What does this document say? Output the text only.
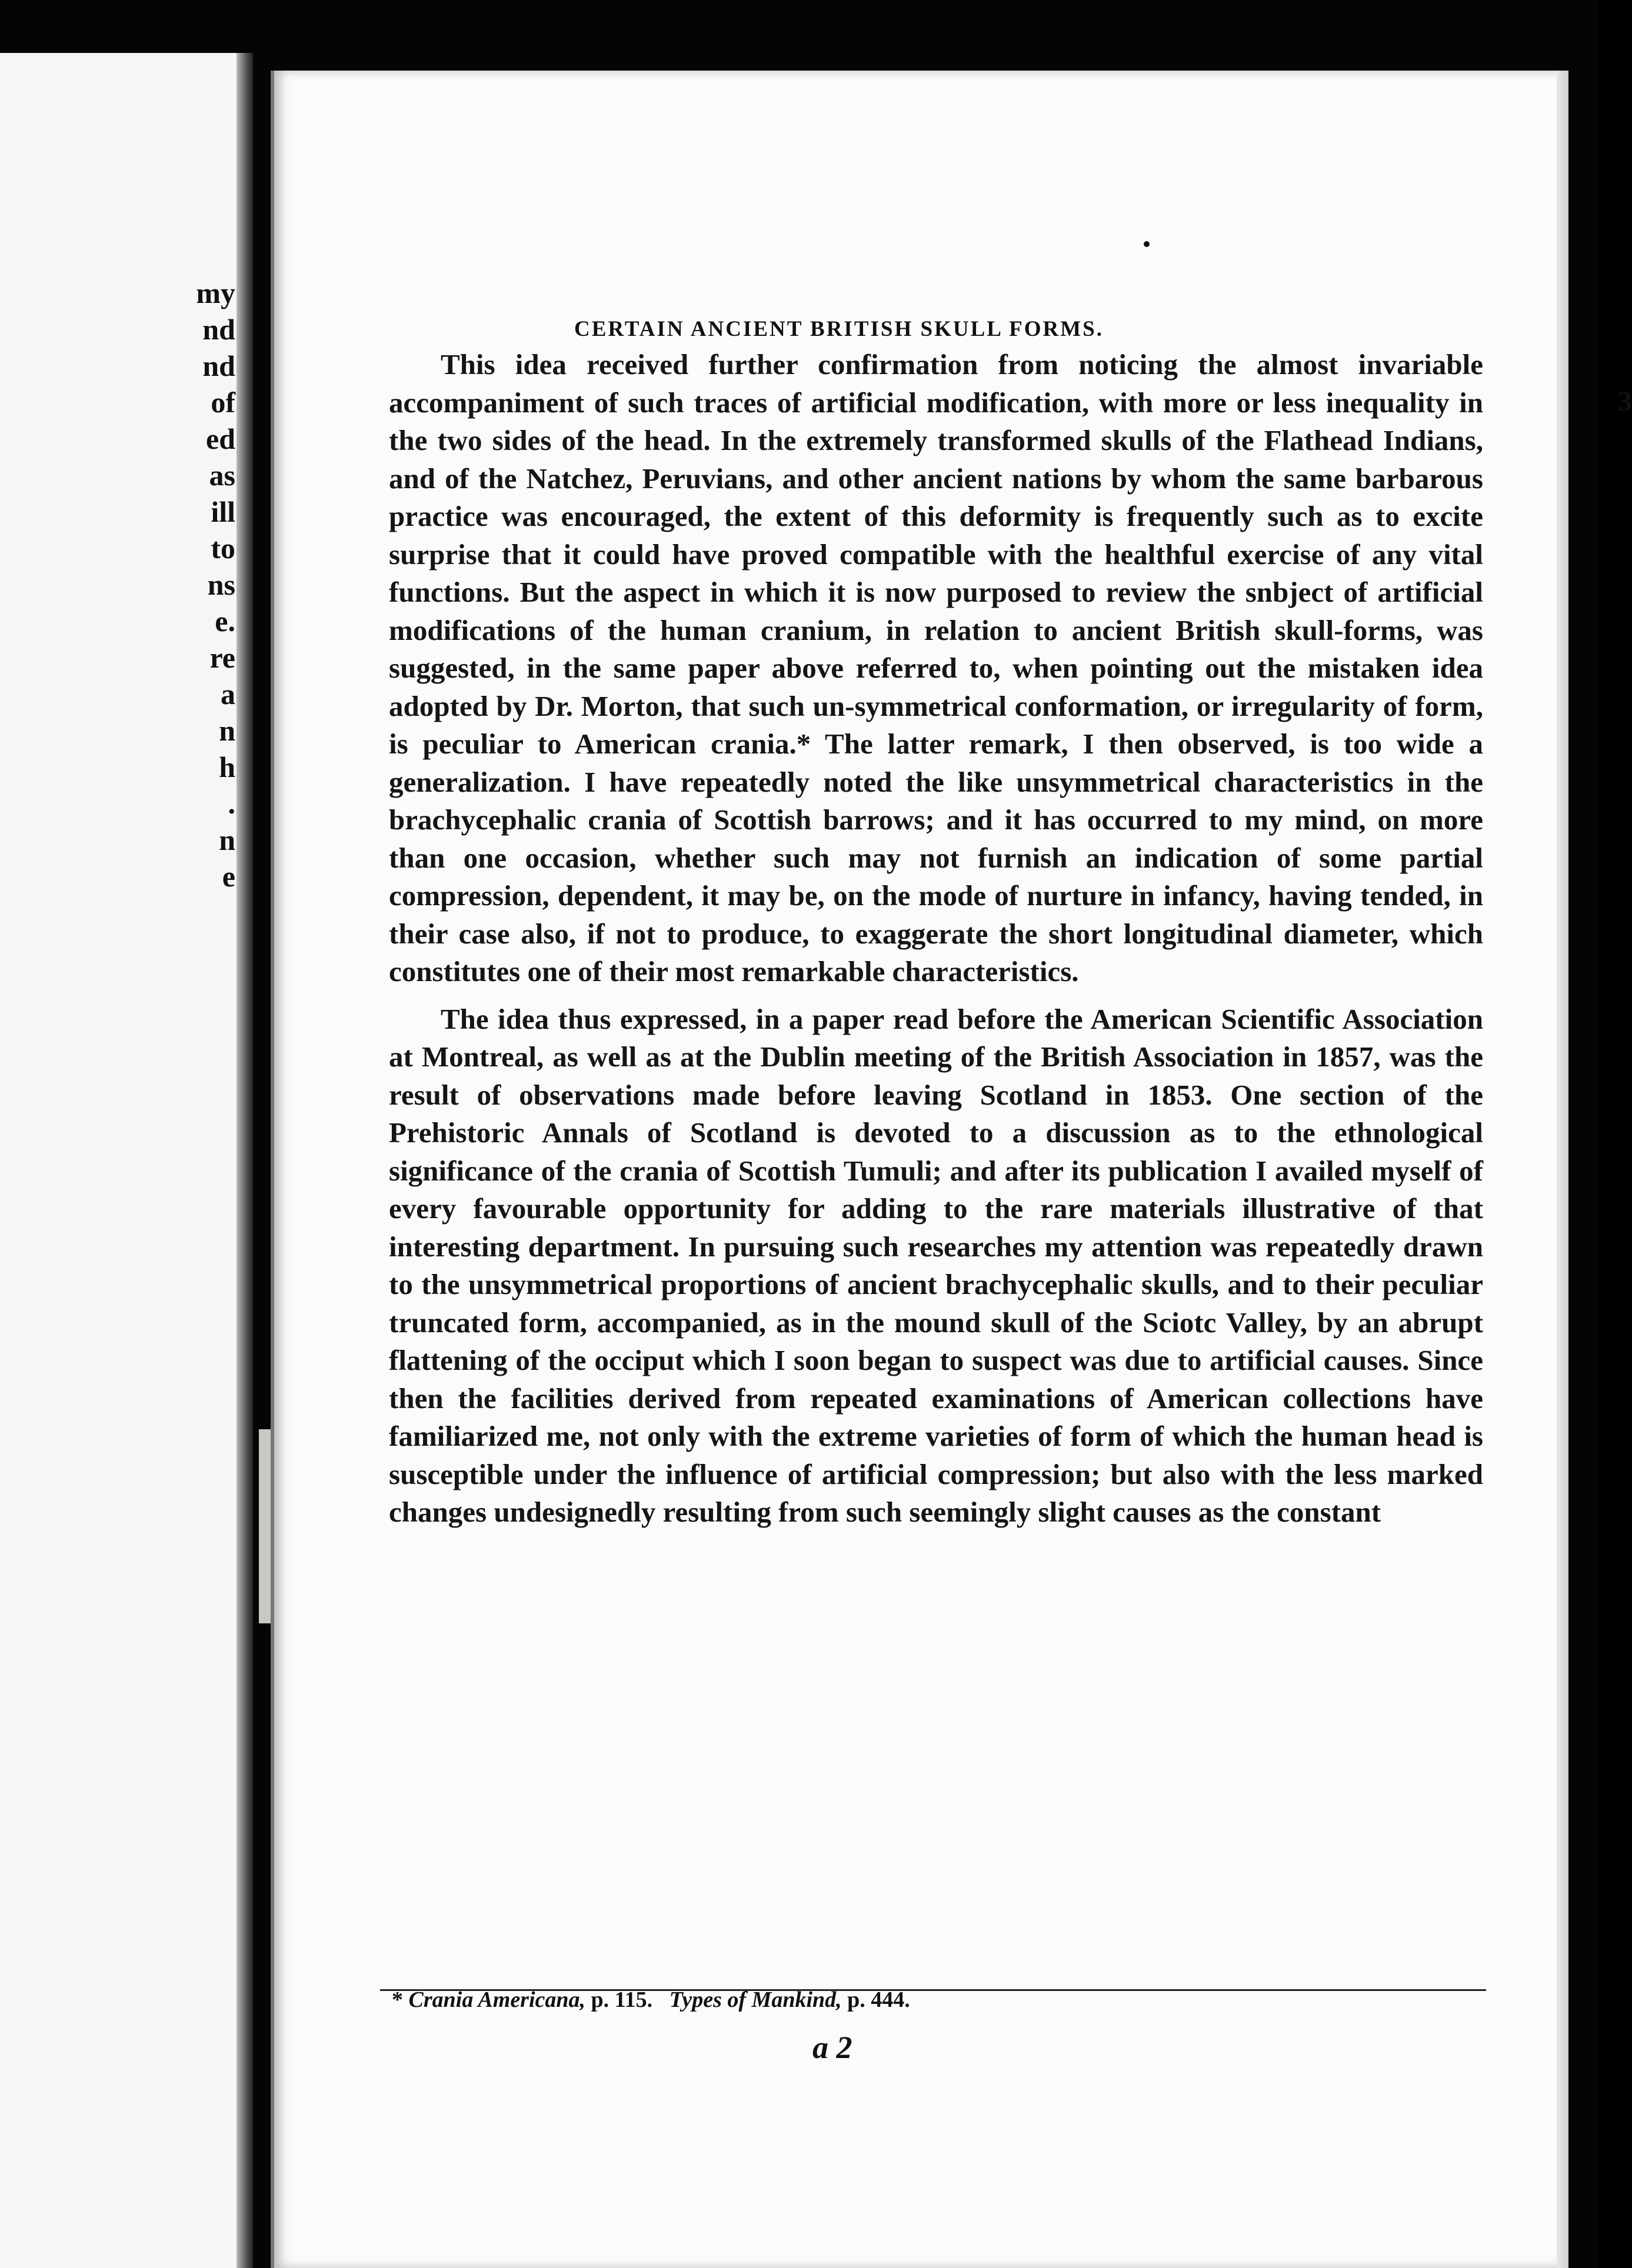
my
nd
nd
of
ed
as
ill
to
ns
e.
re
a
n
h
.
n
e
CERTAIN ANCIENT BRITISH SKULL FORMS.
3

This idea received further confirmation from noticing the almost invariable accompaniment of such traces of artificial modification, with more or less inequality in the two sides of the head. In the extremely transformed skulls of the Flathead Indians, and of the Natchez, Peruvians, and other ancient nations by whom the same barbarous practice was encouraged, the extent of this deformity is frequently such as to excite surprise that it could have proved compatible with the healthful exercise of any vital functions. But the aspect in which it is now purposed to review the snbject of artificial modifications of the human cranium, in relation to ancient British skull-forms, was suggested, in the same paper above referred to, when pointing out the mistaken idea adopted by Dr. Morton, that such un-symmetrical conformation, or irregularity of form, is peculiar to American crania.* The latter remark, I then observed, is too wide a generalization. I have repeatedly noted the like unsymmetrical characteristics in the brachycephalic crania of Scottish barrows; and it has occurred to my mind, on more than one occasion, whether such may not furnish an indication of some partial compression, dependent, it may be, on the mode of nurture in infancy, having tended, in their case also, if not to produce, to exaggerate the short longitudinal diameter, which constitutes one of their most remarkable characteristics.

The idea thus expressed, in a paper read before the American Scientific Association at Montreal, as well as at the Dublin meeting of the British Association in 1857, was the result of observations made before leaving Scotland in 1853. One section of the Prehistoric Annals of Scotland is devoted to a discussion as to the ethnological significance of the crania of Scottish Tumuli; and after its publication I availed myself of every favourable opportunity for adding to the rare materials illustrative of that interesting department. In pursuing such researches my attention was repeatedly drawn to the unsymmetrical proportions of ancient brachycephalic skulls, and to their peculiar truncated form, accompanied, as in the mound skull of the Sciotc Valley, by an abrupt flattening of the occiput which I soon began to suspect was due to artificial causes. Since then the facilities derived from repeated examinations of American collections have familiarized me, not only with the extreme varieties of form of which the human head is susceptible under the influence of artificial compression; but also with the less marked changes undesignedly resulting from such seemingly slight causes as the constant

* Crania Americana, p. 115. Types of Mankind, p. 444.
a 2
